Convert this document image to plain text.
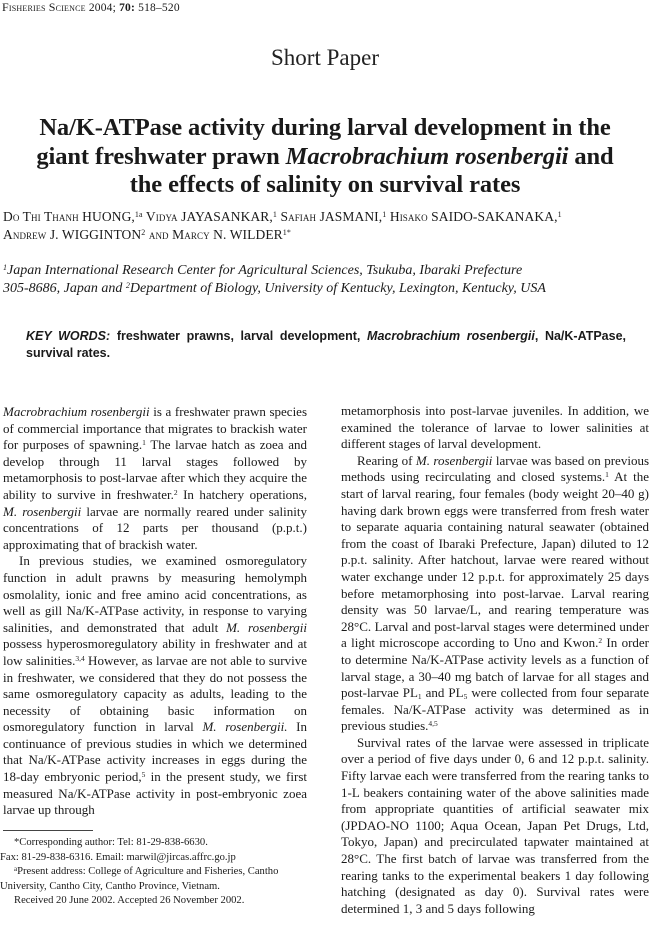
Fisheries Science 2004; 70: 518–520
Short Paper
Na/K-ATPase activity during larval development in the
giant freshwater prawn Macrobrachium rosenbergii and
the effects of salinity on survival rates
Do Thi Thanh HUONG,$^{1a}$ Vidya JAYASANKAR,$^1$ Safiah JASMANI,$^1$ Hisako SAIDO-SAKANAKA,$^1$
Andrew J. WIGGINTON$^2$ and Marcy N. $WILDER^{1*}$
$^1$Japan International Research Center for Agricultural Sciences, Tsukuba, Ibaraki Prefecture
305-8686, Japan and $^2$Department of Biology, University of Kentucky, Lexington, Kentucky, USA
KEY WORDS: freshwater prawns, larval development, Macrobrachium rosenbergii, Na/K-ATPase, survival rates.

Macrobrachium rosenbergii is a freshwater prawn species of commercial importance that migrates to brackish water for purposes of spawning.$^1$ The larvae hatch as zoea and develop through 11 larval stages followed by metamorphosis to post-larvae after which they acquire the ability to survive in freshwater.$^2$ In hatchery operations, M. rosenbergii larvae are normally reared under salinity concentrations of 12 parts per thousand (p.p.t.) approximating that of brackish water.

In previous studies, we examined osmoregulatory function in adult prawns by measuring hemolymph osmolality, ionic and free amino acid concentrations, as well as gill Na/K-ATPase activity, in response to varying salinities, and demonstrated that adult M. rosenbergii possess hyperosmoregulatory ability in freshwater and at low salinities.$^{3,4}$ However, as larvae are not able to survive in freshwater, we considered that they do not possess the same osmoregulatory capacity as adults, leading to the necessity of obtaining basic information on osmoregulatory function in larval M. rosenbergii. In continuance of previous studies in which we determined that Na/K-ATPase activity increases in eggs during the 18-day embryonic period,$^5$ in the present study, we first measured Na/K-ATPase activity in post-embryonic zoea larvae up through

metamorphosis into post-larvae juveniles. In addition, we examined the tolerance of larvae to lower salinities at different stages of larval development.

Rearing of M. rosenbergii larvae was based on previous methods using recirculating and closed systems.$^1$ At the start of larval rearing, four females (body weight 20–40 g) having dark brown eggs were transferred from fresh water to separate aquaria containing natural seawater (obtained from the coast of Ibaraki Prefecture, Japan) diluted to 12 p.p.t. salinity. After hatchout, larvae were reared without water exchange under 12 p.p.t. for approximately 25 days before metamorphosing into post-larvae. Larval rearing density was 50 larvae/L, and rearing temperature was 28°C. Larval and post-larval stages were determined under a light microscope according to Uno and Kwon.$^2$ In order to determine Na/K-ATPase activity levels as a function of larval stage, a 30–40 mg batch of larvae for all stages and post-larvae $PL_1$ and $PL_5$ were collected from four separate females. Na/K-ATPase activity was determined as in previous studies.$^{4,5}$

Survival rates of the larvae were assessed in triplicate over a period of five days under 0, 6 and 12 p.p.t. salinity. Fifty larvae each were transferred from the rearing tanks to 1-L beakers containing water of the above salinities made from appropriate quantities of artificial seawater mix (JPDAO-NO 1100; Aqua Ocean, Japan Pet Drugs, Ltd, Tokyo, Japan) and precirculated tapwater maintained at 28°C. The first batch of larvae was transferred from the rearing tanks to the experimental beakers 1 day following hatching (designated as day 0). Survival rates were determined 1, 3 and 5 days following

*Corresponding author: Tel: 81-29-838-6630.
Fax: 81-29-838-6316. Email: marwil@jircas.affrc.go.jp
$^a$Present address: College of Agriculture and Fisheries, Cantho
University, Cantho City, Cantho Province, Vietnam.
Received 20 June 2002. Accepted 26 November 2002.
